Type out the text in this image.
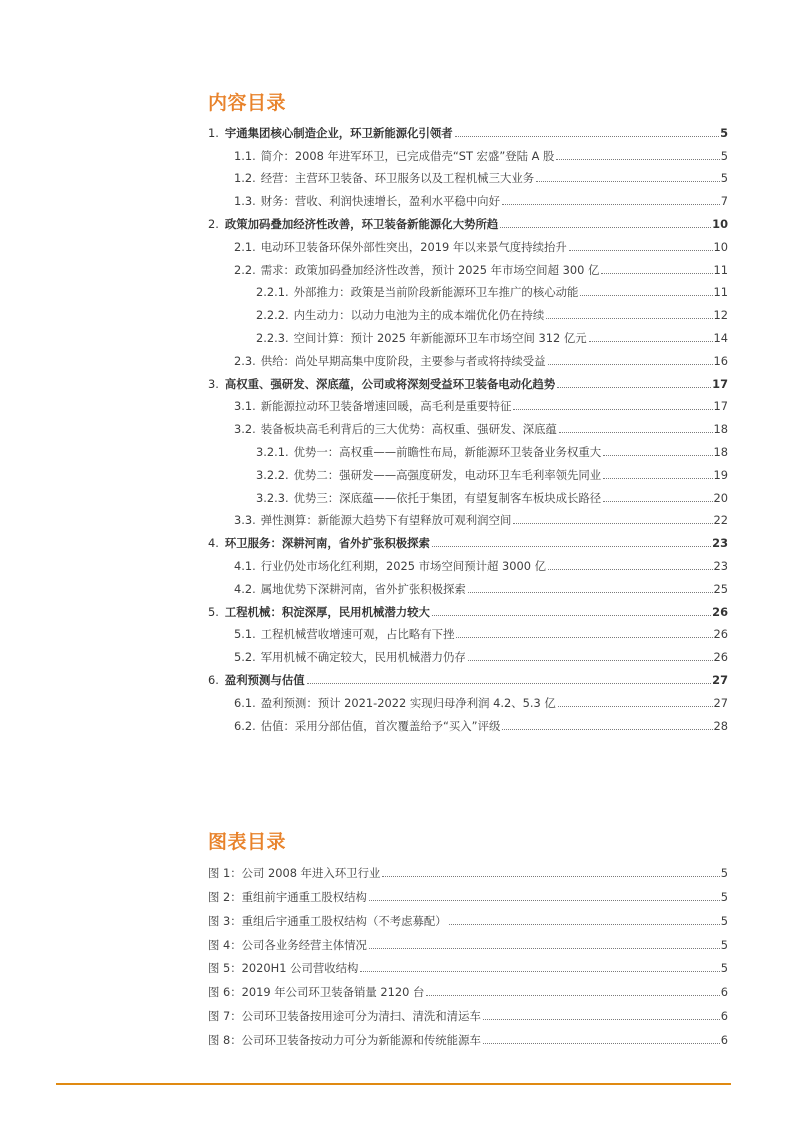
内容目录
1. 宇通集团核心制造企业，环卫新能源化引领者	5
1.1. 简介：2008 年进军环卫，已完成借壳“ST 宏盛”登陆 A 股	5
1.2. 经营：主营环卫装备、环卫服务以及工程机械三大业务	5
1.3. 财务：营收、利润快速增长，盈利水平稳中向好	7
2. 政策加码叠加经济性改善，环卫装备新能源化大势所趋	10
2.1. 电动环卫装备环保外部性突出，2019 年以来景气度持续抬升	10
2.2. 需求：政策加码叠加经济性改善，预计 2025 年市场空间超 300 亿	11
2.2.1. 外部推力：政策是当前阶段新能源环卫车推广的核心动能	11
2.2.2. 内生动力：以动力电池为主的成本端优化仍在持续	12
2.2.3. 空间计算：预计 2025 年新能源环卫车市场空间 312 亿元	14
2.3. 供给：尚处早期高集中度阶段，主要参与者或将持续受益	16
3. 高权重、强研发、深底蕴，公司或将深刻受益环卫装备电动化趋势	17
3.1. 新能源拉动环卫装备增速回暖，高毛利是重要特征	17
3.2. 装备板块高毛利背后的三大优势：高权重、强研发、深底蕴	18
3.2.1. 优势一：高权重——前瞻性布局，新能源环卫装备业务权重大	18
3.2.2. 优势二：强研发——高强度研发，电动环卫车毛利率领先同业	19
3.2.3. 优势三：深底蕴——依托于集团，有望复制客车板块成长路径	20
3.3. 弹性测算：新能源大趋势下有望释放可观利润空间	22
4. 环卫服务：深耕河南，省外扩张积极探索	23
4.1. 行业仍处市场化红利期，2025 市场空间预计超 3000 亿	23
4.2. 属地优势下深耕河南，省外扩张积极探索	25
5. 工程机械：积淀深厚，民用机械潜力较大	26
5.1. 工程机械营收增速可观，占比略有下挫	26
5.2. 军用机械不确定较大，民用机械潜力仍存	26
6. 盈利预测与估值	27
6.1. 盈利预测：预计 2021-2022 实现归母净利润 4.2、5.3 亿	27
6.2. 估值：采用分部估值，首次覆盖给予“买入”评级	28
图表目录
图 1：公司 2008 年进入环卫行业	5
图 2：重组前宇通重工股权结构	5
图 3：重组后宇通重工股权结构（不考虑募配）	5
图 4：公司各业务经营主体情况	5
图 5：2020H1 公司营收结构	5
图 6：2019 年公司环卫装备销量 2120 台	6
图 7：公司环卫装备按用途可分为清扫、清洗和清运车	6
图 8：公司环卫装备按动力可分为新能源和传统能源车	6
